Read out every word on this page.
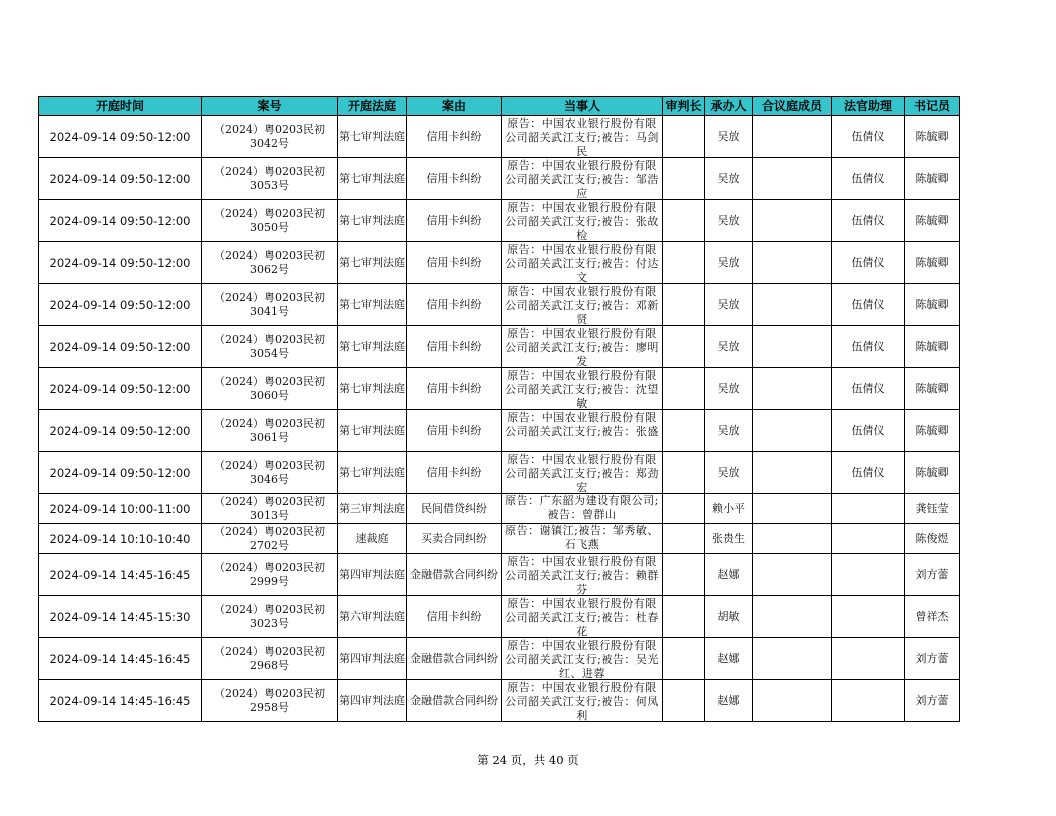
开庭时间	案号	开庭法庭	案由	当事人	审判长	承办人	合议庭成员	法官助理	书记员

2024-09-14 09:50-12:00	（2024）粤0203民初3042号	第七审判法庭	信用卡纠纷	原告：中国农业银行股份有限公司韶关武江支行;被告：马剑民		吴放		伍倩仪	陈毓卿

2024-09-14 09:50-12:00	（2024）粤0203民初3053号	第七审判法庭	信用卡纠纷	原告：中国农业银行股份有限公司韶关武江支行;被告：邹浩应		吴放		伍倩仪	陈毓卿

2024-09-14 09:50-12:00	（2024）粤0203民初3050号	第七审判法庭	信用卡纠纷	原告：中国农业银行股份有限公司韶关武江支行;被告：张故检		吴放		伍倩仪	陈毓卿

2024-09-14 09:50-12:00	（2024）粤0203民初3062号	第七审判法庭	信用卡纠纷	原告：中国农业银行股份有限公司韶关武江支行;被告：付达文		吴放		伍倩仪	陈毓卿

2024-09-14 09:50-12:00	（2024）粤0203民初3041号	第七审判法庭	信用卡纠纷	原告：中国农业银行股份有限公司韶关武江支行;被告：邓新贤		吴放		伍倩仪	陈毓卿

2024-09-14 09:50-12:00	（2024）粤0203民初3054号	第七审判法庭	信用卡纠纷	原告：中国农业银行股份有限公司韶关武江支行;被告：廖明发		吴放		伍倩仪	陈毓卿

2024-09-14 09:50-12:00	（2024）粤0203民初3060号	第七审判法庭	信用卡纠纷	原告：中国农业银行股份有限公司韶关武江支行;被告：沈望敏		吴放		伍倩仪	陈毓卿

2024-09-14 09:50-12:00	（2024）粤0203民初3061号	第七审判法庭	信用卡纠纷	原告：中国农业银行股份有限公司韶关武江支行;被告：张盛		吴放		伍倩仪	陈毓卿

2024-09-14 09:50-12:00	（2024）粤0203民初3046号	第七审判法庭	信用卡纠纷	原告：中国农业银行股份有限公司韶关武江支行;被告：郑劲宏		吴放		伍倩仪	陈毓卿

2024-09-14 10:00-11:00	（2024）粤0203民初3013号	第三审判法庭	民间借贷纠纷	原告：广东韶为建设有限公司;被告：曾群山		赖小平			龚钰莹

2024-09-14 10:10-10:40	（2024）粤0203民初2702号	速裁庭	买卖合同纠纷	原告：谢镇江;被告：邹秀敏、石飞燕		张贵生			陈俊煜

2024-09-14 14:45-16:45	（2024）粤0203民初2999号	第四审判法庭	金融借款合同纠纷	原告：中国农业银行股份有限公司韶关武江支行;被告：赖群芬		赵娜			刘方蕾

2024-09-14 14:45-15:30	（2024）粤0203民初3023号	第六审判法庭	信用卡纠纷	原告：中国农业银行股份有限公司韶关武江支行;被告：杜春花		胡敏			曾祥杰

2024-09-14 14:45-16:45	（2024）粤0203民初2968号	第四审判法庭	金融借款合同纠纷	原告：中国农业银行股份有限公司韶关武江支行;被告：吴光红、进蓉		赵娜			刘方蕾

2024-09-14 14:45-16:45	（2024）粤0203民初2958号	第四审判法庭	金融借款合同纠纷	原告：中国农业银行股份有限公司韶关武江支行;被告：何凤利		赵娜			刘方蕾
第 24 页，共 40 页
